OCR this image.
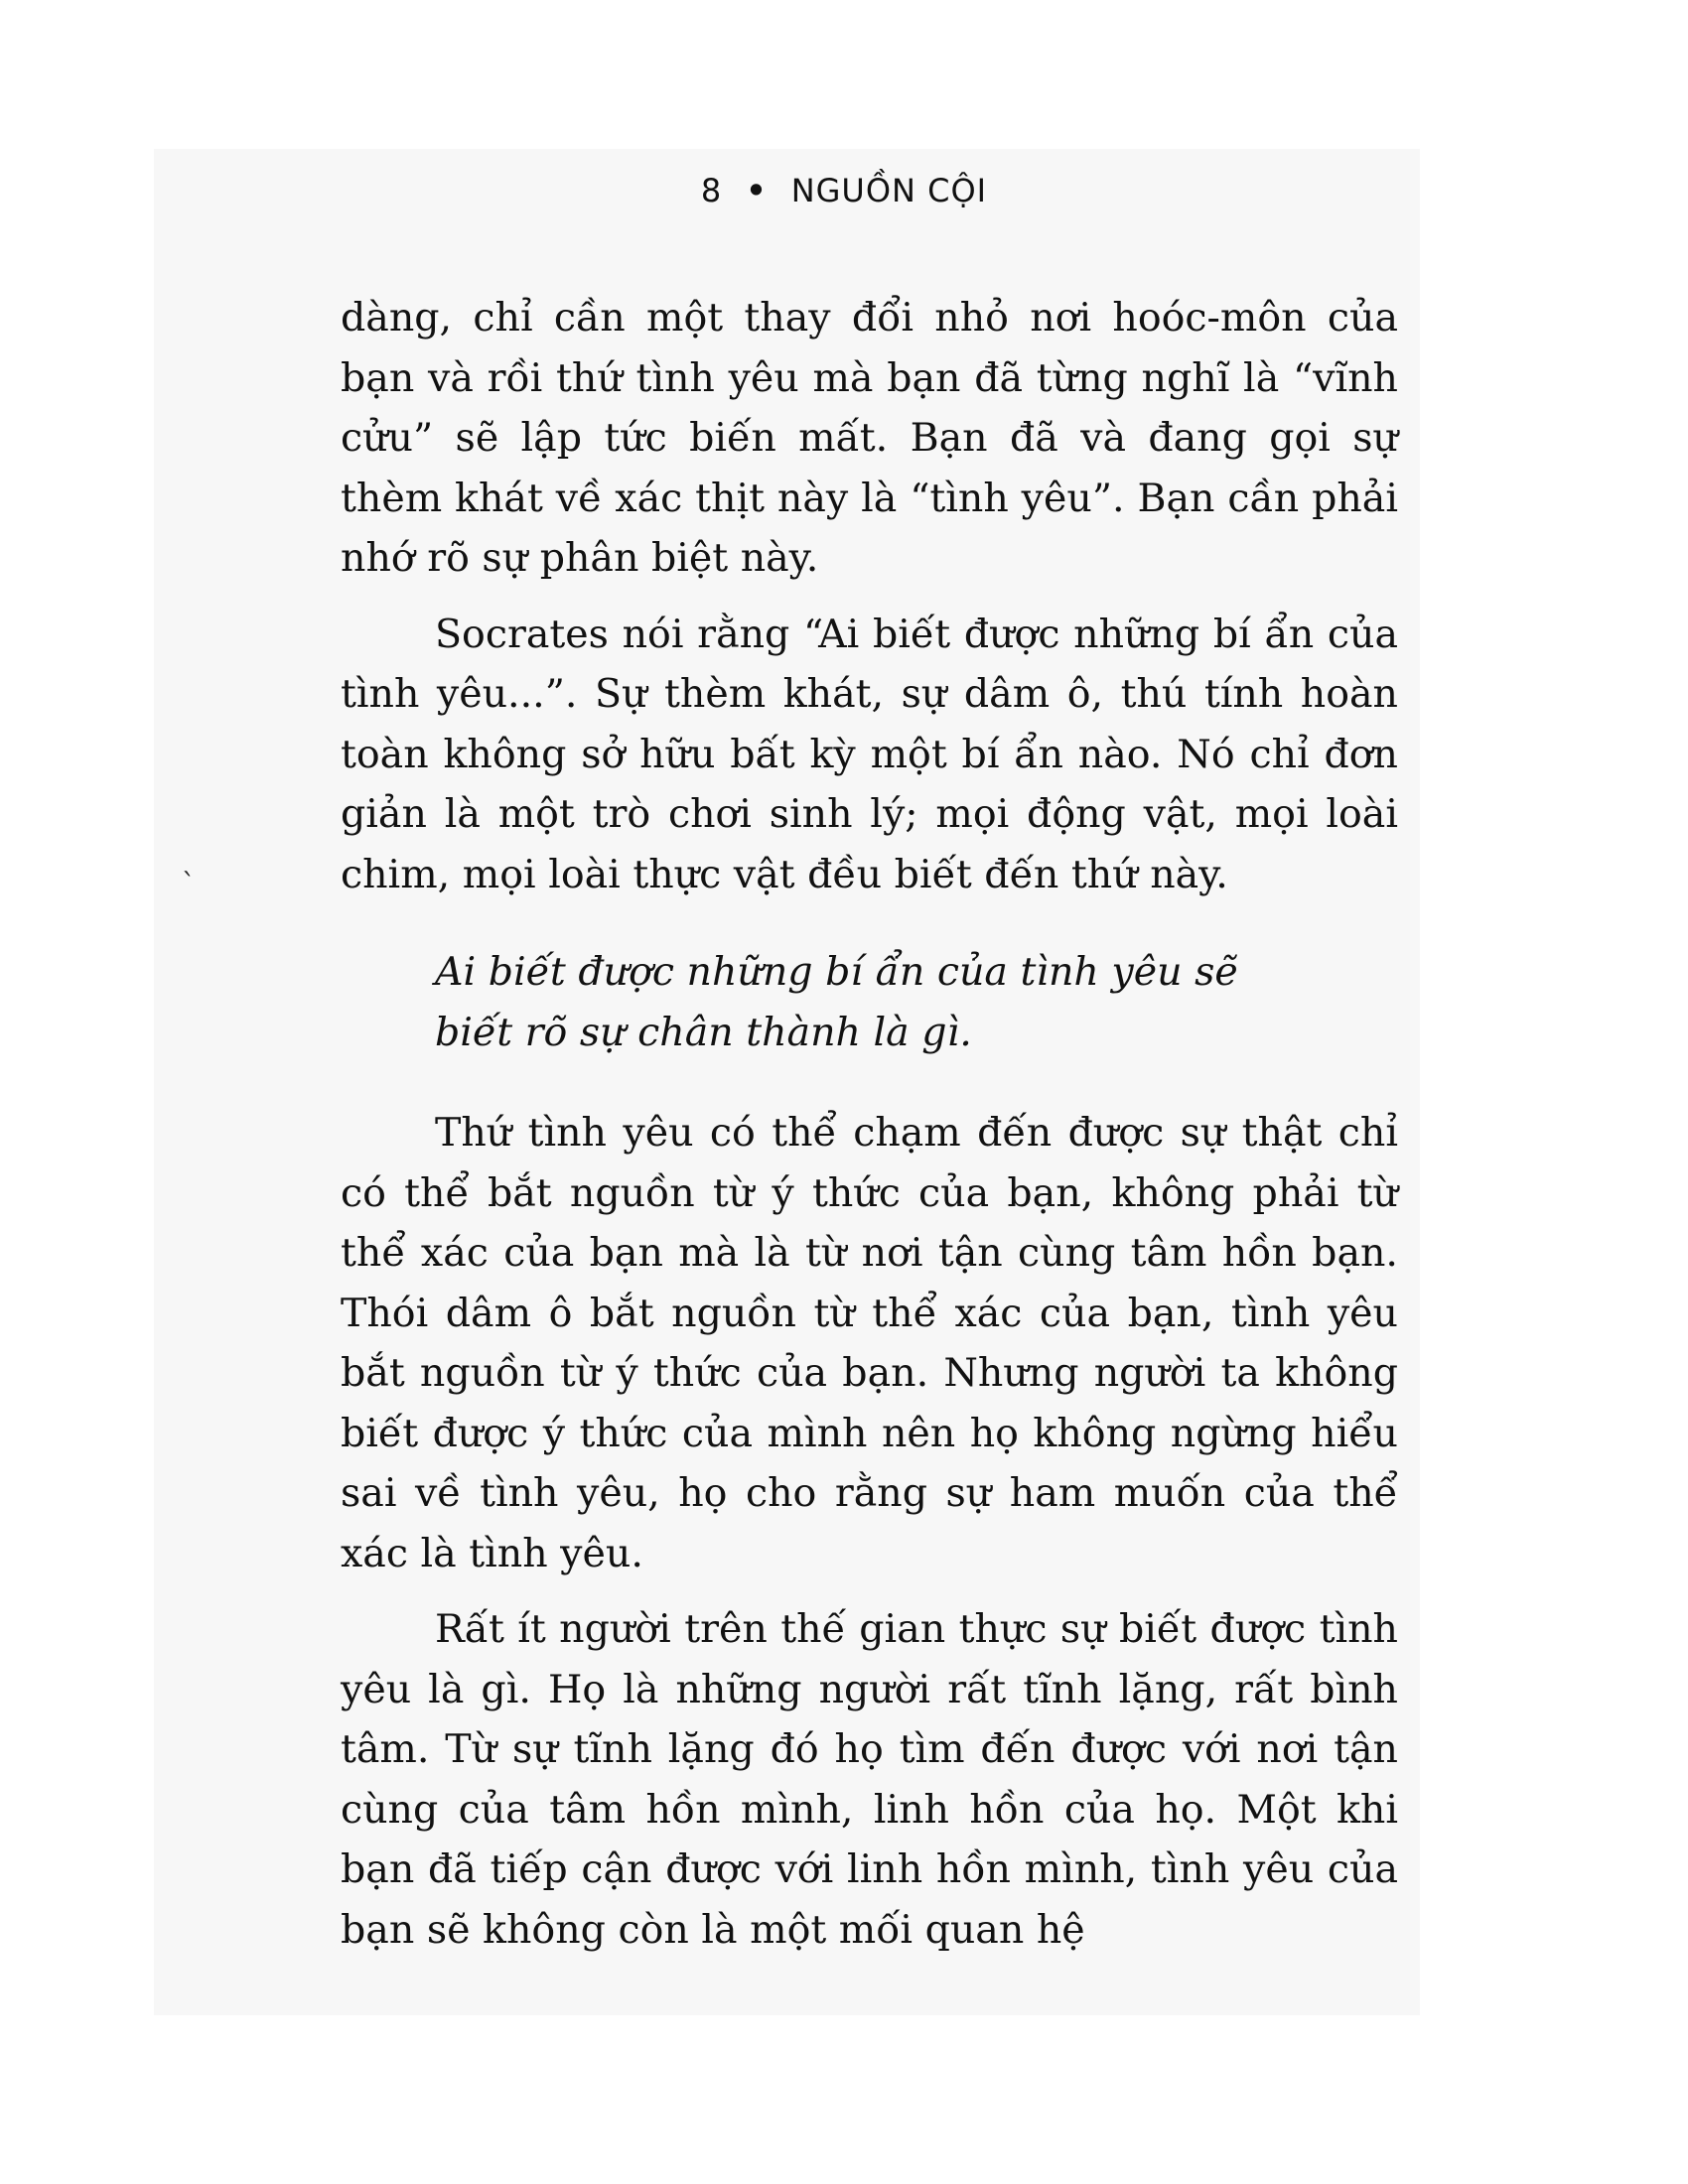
8 • NGUỒN CỘI
`

dàng, chỉ cần một thay đổi nhỏ nơi hoóc-môn của bạn và rồi thứ tình yêu mà bạn đã từng nghĩ là “vĩnh cửu” sẽ lập tức biến mất. Bạn đã và đang gọi sự thèm khát về xác thịt này là “tình yêu”. Bạn cần phải nhớ rõ sự phân biệt này.

Socrates nói rằng “Ai biết được những bí ẩn của tình yêu...”. Sự thèm khát, sự dâm ô, thú tính hoàn toàn không sở hữu bất kỳ một bí ẩn nào. Nó chỉ đơn giản là một trò chơi sinh lý; mọi động vật, mọi loài chim, mọi loài thực vật đều biết đến thứ này.

Ai biết được những bí ẩn của tình yêu sẽ
biết rõ sự chân thành là gì.

Thứ tình yêu có thể chạm đến được sự thật chỉ có thể bắt nguồn từ ý thức của bạn, không phải từ thể xác của bạn mà là từ nơi tận cùng tâm hồn bạn. Thói dâm ô bắt nguồn từ thể xác của bạn, tình yêu bắt nguồn từ ý thức của bạn. Nhưng người ta không biết được ý thức của mình nên họ không ngừng hiểu sai về tình yêu, họ cho rằng sự ham muốn của thể xác là tình yêu.

Rất ít người trên thế gian thực sự biết được tình yêu là gì. Họ là những người rất tĩnh lặng, rất bình tâm. Từ sự tĩnh lặng đó họ tìm đến được với nơi tận cùng của tâm hồn mình, linh hồn của họ. Một khi bạn đã tiếp cận được với linh hồn mình, tình yêu của bạn sẽ không còn là một mối quan hệ
